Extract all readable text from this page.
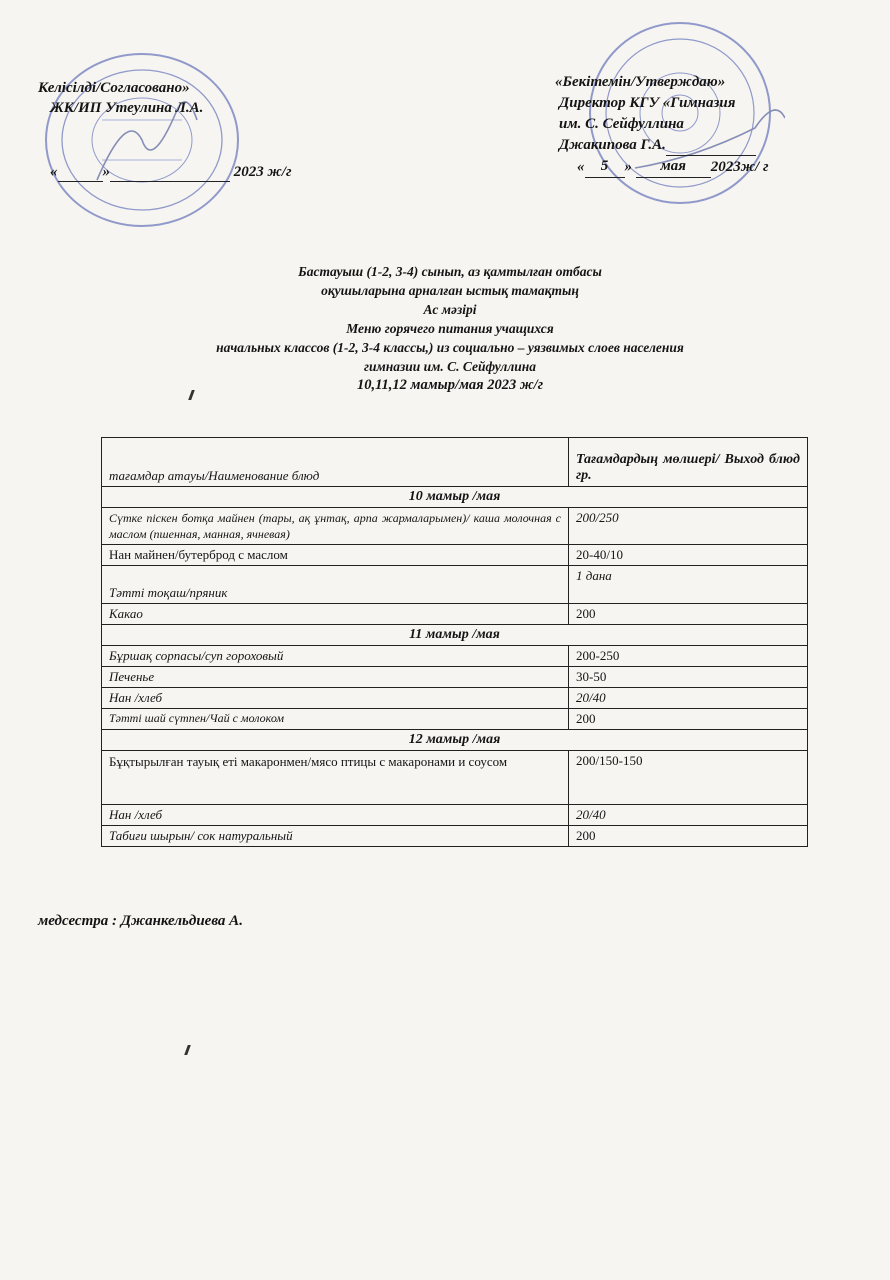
Келісілді/Согласовано»
ЖК/ИП Утеулина Л.А.
«	»	2023 ж/г
«Бекітемін/Утверждаю»
Директор КГУ «Гимназия
им. С. Сейфуллина
Джакипова Г.А.
« 5 » мая 2023ж/ г
Бастауыш (1-2, 3-4) сынып, аз қамтылған отбасы
оқушыларына арналған ыстық тамақтың
Ас мәзірі
Меню горячего питания учащихся
начальных классов (1-2, 3-4 классы,) из социально – уязвимых слоев населения
гимназии им. С. Сейфуллина
10,11,12 мамыр/мая 2023 ж/г
тағамдар атауы/Наименование блюд	Тағамдардың мөлшері/ Выход блюд гр.
10 мамыр /мая	
Сүтке піскен ботқа майнен (тары, ақ ұнтақ, арпа жармаларымен)/ каша молочная с маслом (пшенная, манная, ячневая)	200/250
Нан майнен/бутерброд с маслом	20-40/10
Тәтті тоқаш/пряник	1 дана
Какао	200
11 мамыр /мая	
Бұршақ сорпасы/суп гороховый	200-250
Печенье	30-50
Нан /хлеб	20/40
Тәтті шай сүтпен/Чай с молоком	200
12 мамыр /мая	
Бұқтырылған тауық еті макаронмен/мясо птицы с макаронами и соусом	200/150-150
Нан /хлеб	20/40
Табиғи шырын/ сок натуральный	200
медсестра : Джанкельдиева А.
